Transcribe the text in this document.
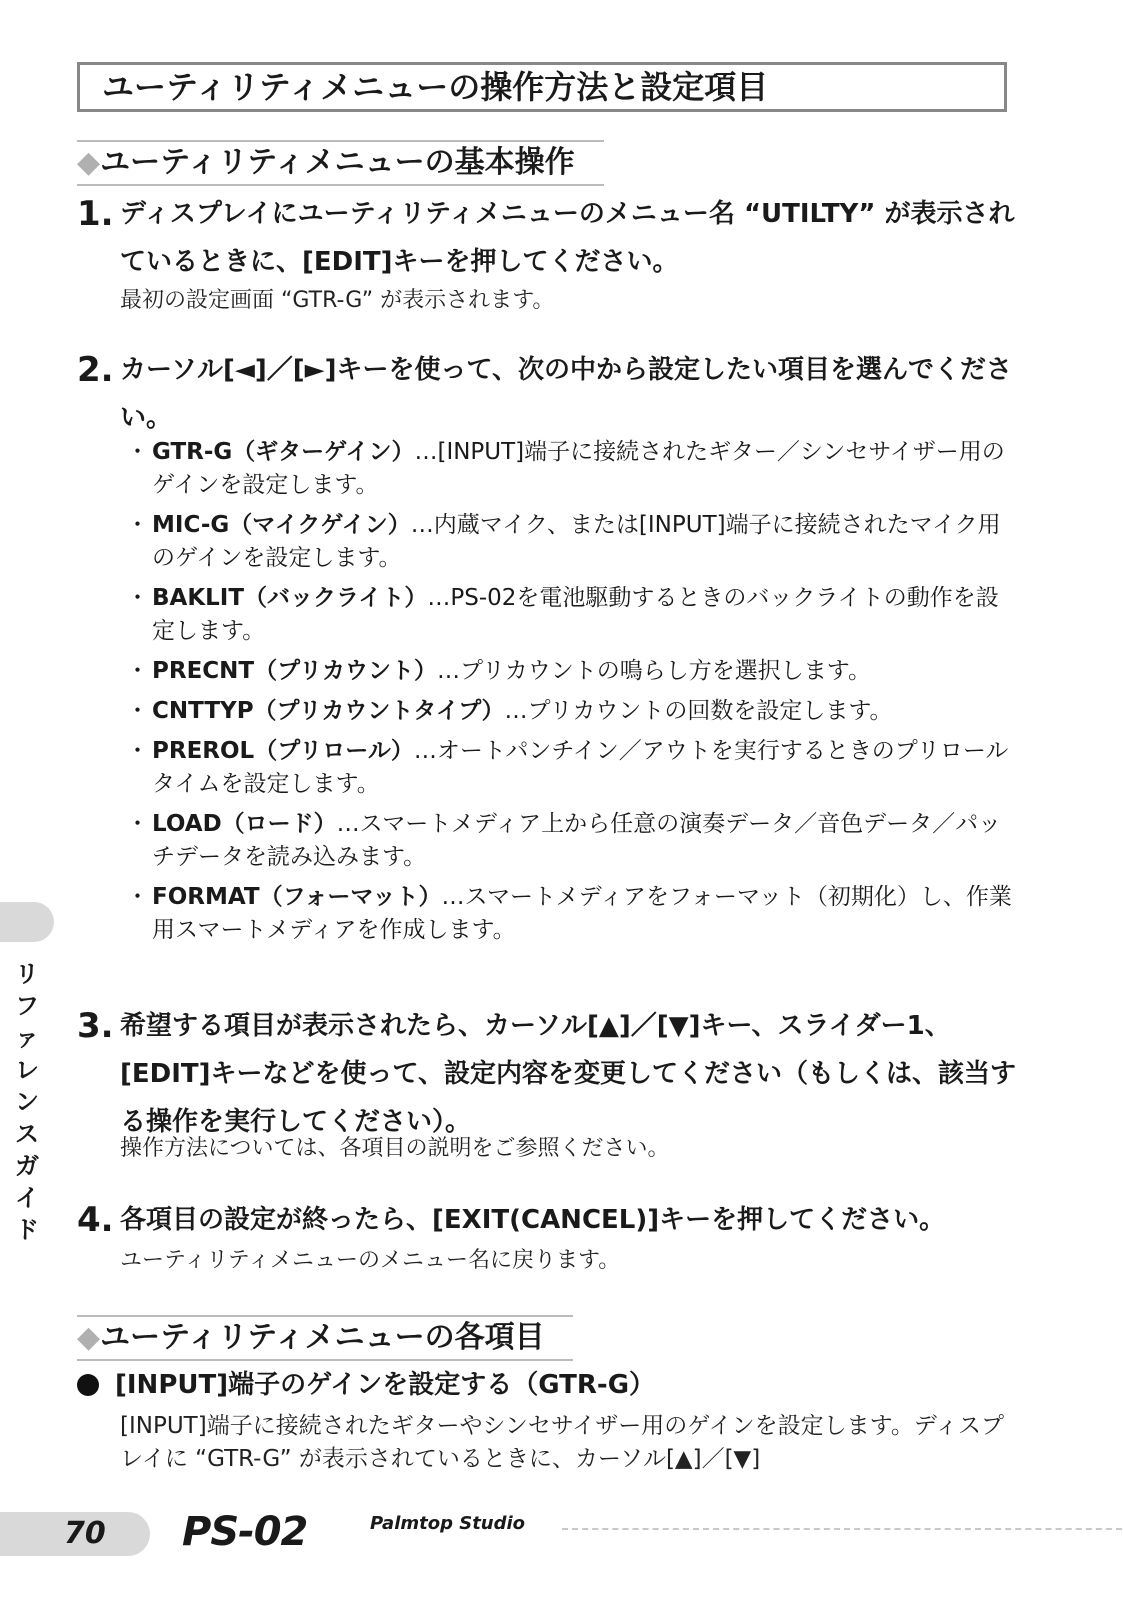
ユーティリティメニューの操作方法と設定項目
◆ユーティリティメニューの基本操作
1. ディスプレイにユーティリティメニューのメニュー名 “UTILTY” が表示されているときに、[EDIT]キーを押してください。
最初の設定画面 “GTR-G” が表示されます。
2. カーソル[◄]／[►]キーを使って、次の中から設定したい項目を選んでください。
・ GTR-G（ギターゲイン）…[INPUT]端子に接続されたギター／シンセサイザー用のゲインを設定します。
・ MIC-G（マイクゲイン）…内蔵マイク、または[INPUT]端子に接続されたマイク用のゲインを設定します。
・ BAKLIT（バックライト）…PS-02を電池駆動するときのバックライトの動作を設定します。
・ PRECNT（プリカウント）…プリカウントの鳴らし方を選択します。
・ CNTTYP（プリカウントタイプ）…プリカウントの回数を設定します。
・ PREROL（プリロール）…オートパンチイン／アウトを実行するときのプリロールタイムを設定します。
・ LOAD（ロード）…スマートメディア上から任意の演奏データ／音色データ／パッチデータを読み込みます。
・ FORMAT（フォーマット）…スマートメディアをフォーマット（初期化）し、作業用スマートメディアを作成します。
3. 希望する項目が表示されたら、カーソル[▲]／[▼]キー、スライダー1、[EDIT]キーなどを使って、設定内容を変更してください（もしくは、該当する操作を実行してください）。
操作方法については、各項目の説明をご参照ください。
4. 各項目の設定が終ったら、[EXIT(CANCEL)]キーを押してください。
ユーティリティメニューのメニュー名に戻ります。
◆ユーティリティメニューの各項目
[INPUT]端子のゲインを設定する（GTR-G）
[INPUT]端子に接続されたギターやシンセサイザー用のゲインを設定します。ディスプレイに “GTR-G” が表示されているときに、カーソル[▲]／[▼]
リファレンスガイド
70 PS-02	Palmtop Studio
